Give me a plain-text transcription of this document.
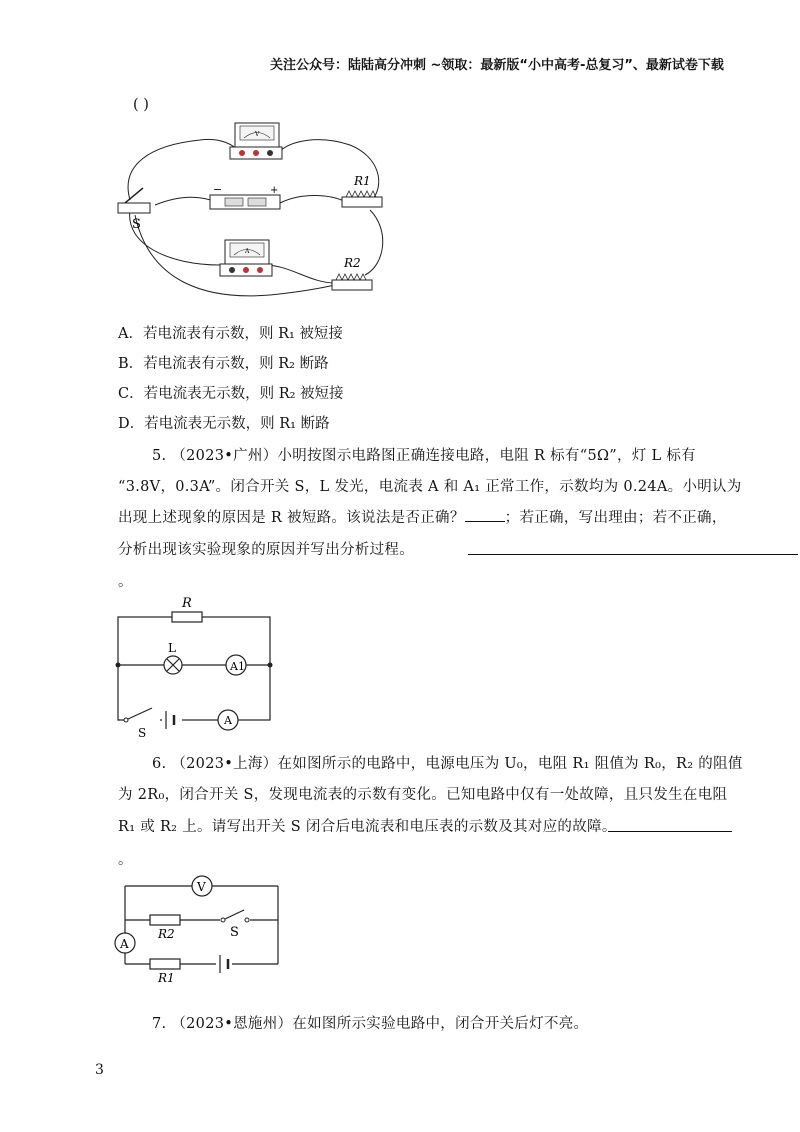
关注公众号：陆陆高分冲刺 ~领取：最新版“小中高考-总复习”、最新试卷下载
( )
V
−	+
S
R1
A
R2
A．若电流表有示数，则 R₁ 被短接
B．若电流表有示数，则 R₂ 断路
C．若电流表无示数，则 R₂ 被短接
D．若电流表无示数，则 R₁ 断路
5. （2023•广州）小明按图示电路图正确连接电路，电阻 R 标有“5Ω”，灯 L 标有
“3.8V，0.3A”。闭合开关 S，L 发光，电流表 A 和 A₁ 正常工作，示数均为 0.24A。小明认为
出现上述现象的原因是 R 被短路。该说法是否正确？	；若正确，写出理由；若不正确，
分析出现该实验现象的原因并写出分析过程。
。
R
L
A1
A
S
6. （2023•上海）在如图所示的电路中，电源电压为 U₀，电阻 R₁ 阻值为 R₀，R₂ 的阻值
为 2R₀，闭合开关 S，发现电流表的示数有变化。已知电路中仅有一处故障，且只发生在电阻
R₁ 或 R₂ 上。请写出开关 S 闭合后电流表和电压表的示数及其对应的故障。
。
V
R2	S
A
R1
7. （2023•恩施州）在如图所示实验电路中，闭合开关后灯不亮。
3
